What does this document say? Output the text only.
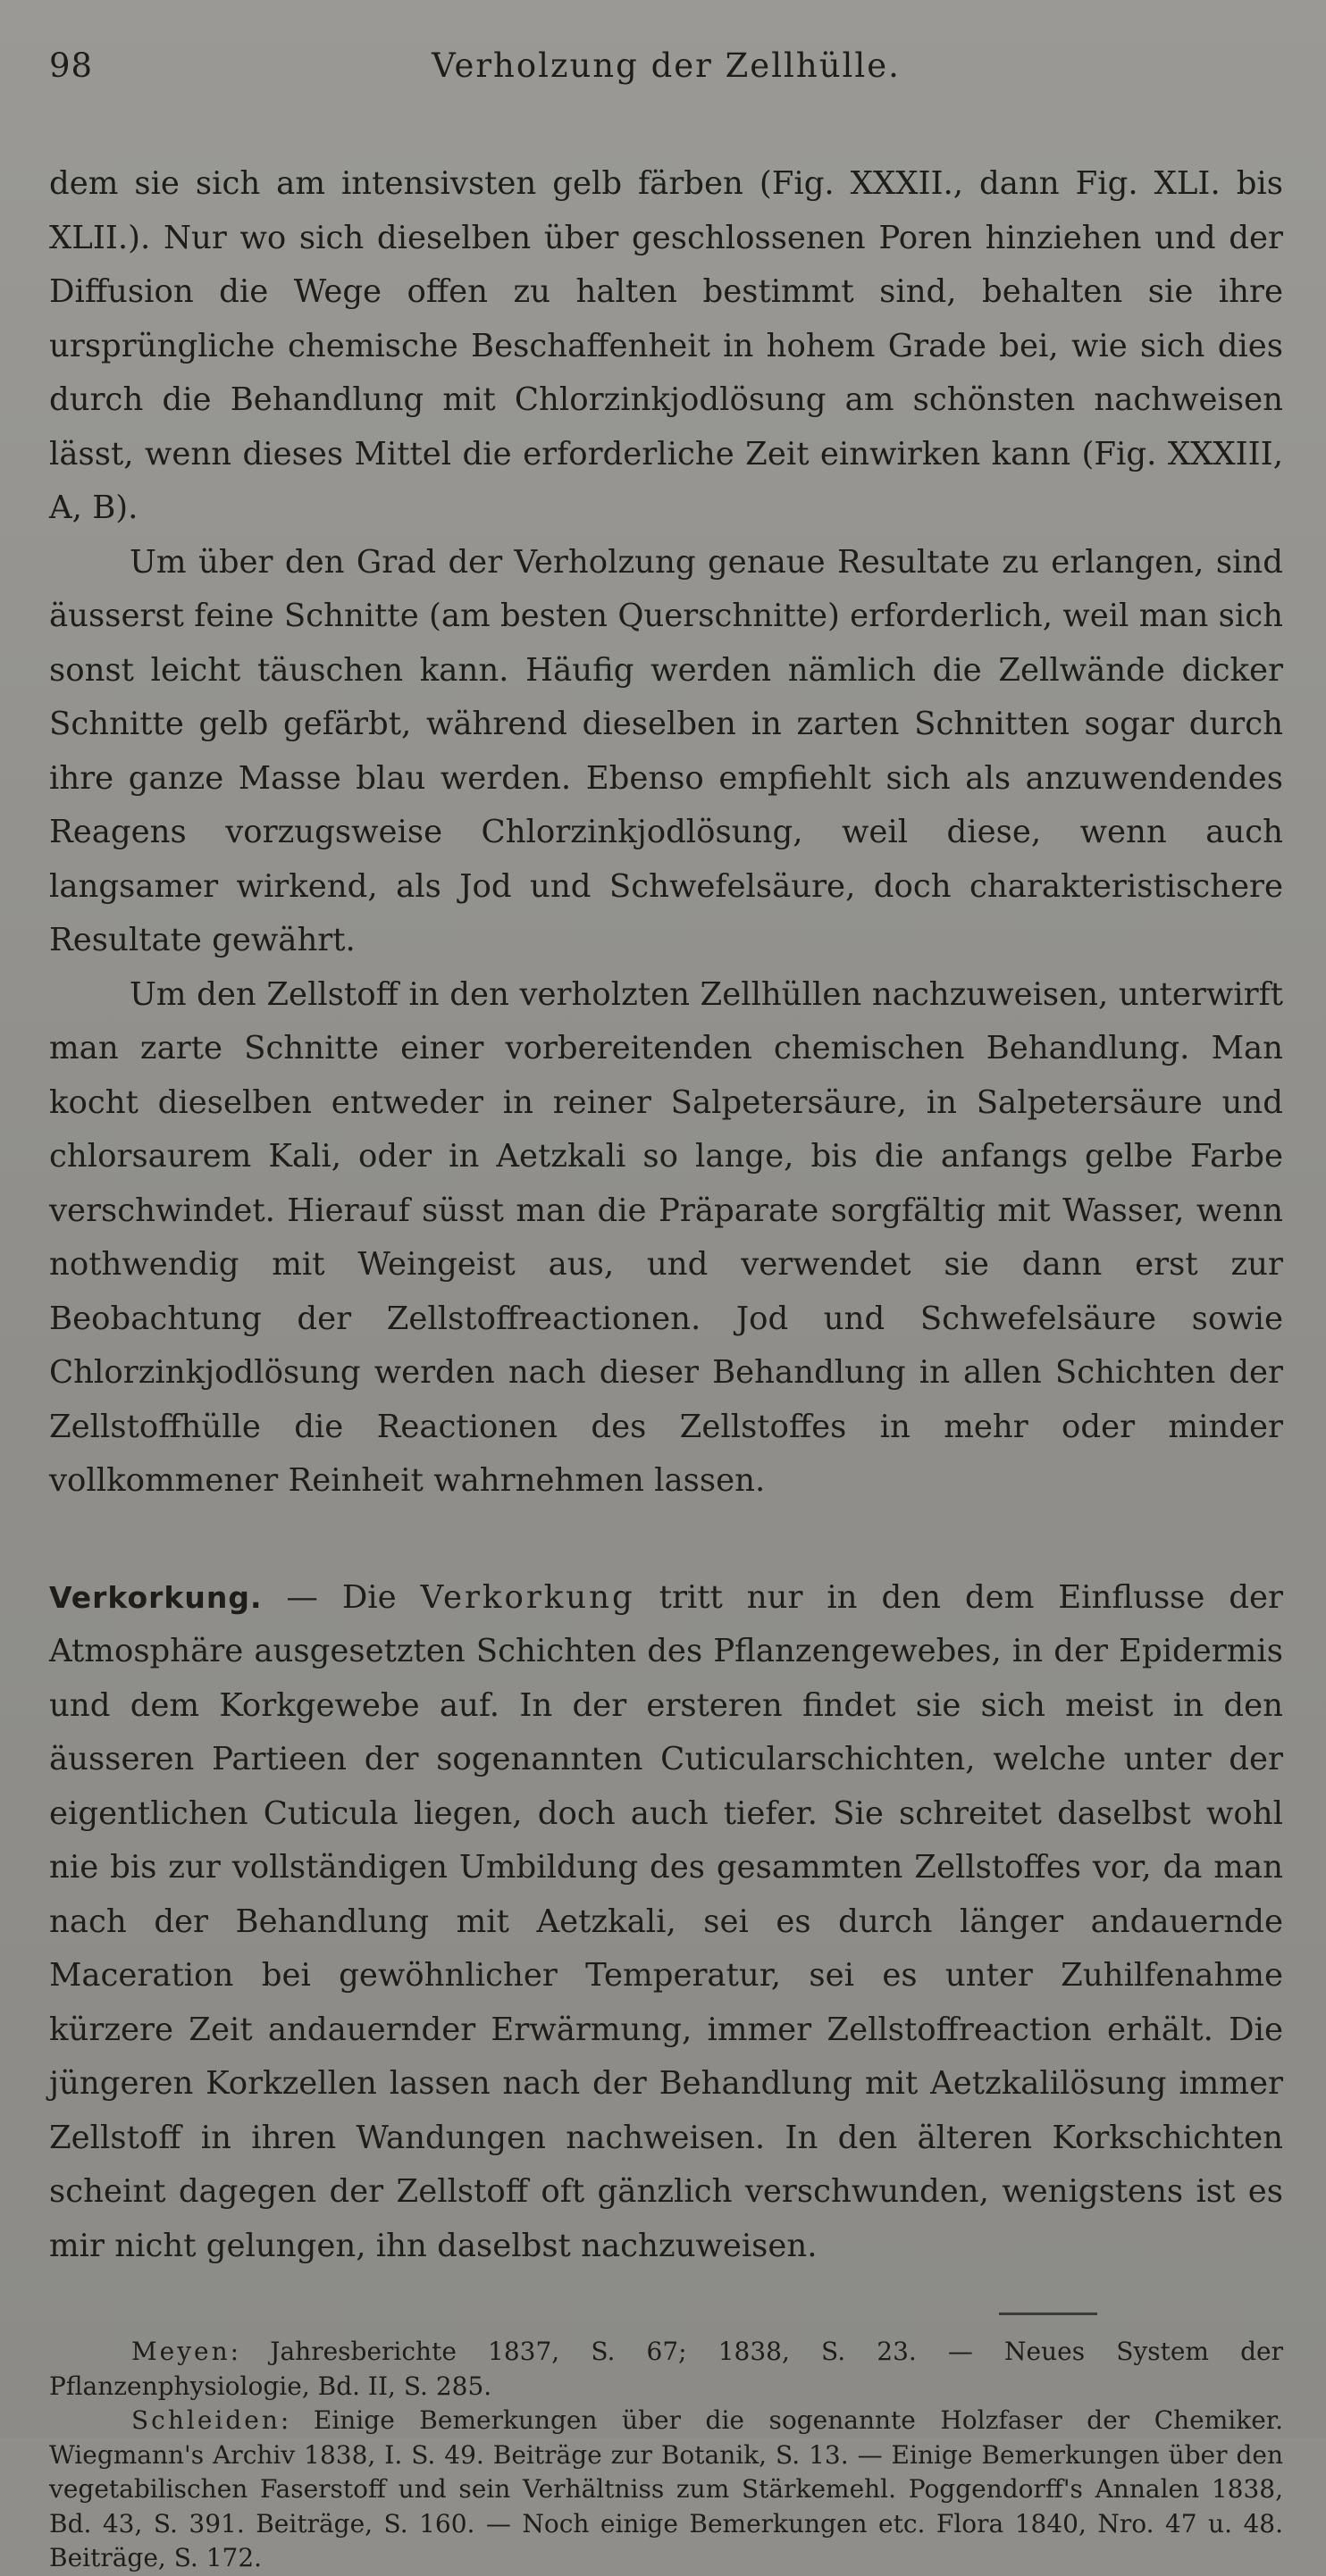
98	Verholzung der Zellhülle.

dem sie sich am intensivsten gelb färben (Fig. XXXII., dann Fig. XLI. bis XLII.). Nur wo sich dieselben über geschlossenen Poren hinziehen und der Diffusion die Wege offen zu halten bestimmt sind, behalten sie ihre ursprüngliche chemische Beschaffenheit in hohem Grade bei, wie sich dies durch die Behandlung mit Chlorzinkjodlösung am schönsten nachweisen lässt, wenn dieses Mittel die erforderliche Zeit einwirken kann (Fig. XXXIII, A, B).

Um über den Grad der Verholzung genaue Resultate zu erlangen, sind äusserst feine Schnitte (am besten Querschnitte) erforderlich, weil man sich sonst leicht täuschen kann. Häufig werden nämlich die Zellwände dicker Schnitte gelb gefärbt, während dieselben in zarten Schnitten sogar durch ihre ganze Masse blau werden. Ebenso empfiehlt sich als anzuwendendes Reagens vorzugsweise Chlorzinkjodlösung, weil diese, wenn auch langsamer wirkend, als Jod und Schwefelsäure, doch charakteristischere Resultate gewährt.

Um den Zellstoff in den verholzten Zellhüllen nachzuweisen, unterwirft man zarte Schnitte einer vorbereitenden chemischen Behandlung. Man kocht dieselben entweder in reiner Salpetersäure, in Salpetersäure und chlorsaurem Kali, oder in Aetzkali so lange, bis die anfangs gelbe Farbe verschwindet. Hierauf süsst man die Präparate sorgfältig mit Wasser, wenn nothwendig mit Weingeist aus, und verwendet sie dann erst zur Beobachtung der Zellstoffreactionen. Jod und Schwefelsäure sowie Chlorzinkjodlösung werden nach dieser Behandlung in allen Schichten der Zellstoffhülle die Reactionen des Zellstoffes in mehr oder minder vollkommener Reinheit wahrnehmen lassen.

Verkorkung. — Die Verkorkung tritt nur in den dem Einflusse der Atmosphäre ausgesetzten Schichten des Pflanzengewebes, in der Epidermis und dem Korkgewebe auf. In der ersteren findet sie sich meist in den äusseren Partieen der sogenannten Cuticularschichten, welche unter der eigentlichen Cuticula liegen, doch auch tiefer. Sie schreitet daselbst wohl nie bis zur vollständigen Umbildung des gesammten Zellstoffes vor, da man nach der Behandlung mit Aetzkali, sei es durch länger andauernde Maceration bei gewöhnlicher Temperatur, sei es unter Zuhilfenahme kürzere Zeit andauernder Erwärmung, immer Zellstoffreaction erhält. Die jüngeren Korkzellen lassen nach der Behandlung mit Aetzkalilösung immer Zellstoff in ihren Wandungen nachweisen. In den älteren Korkschichten scheint dagegen der Zellstoff oft gänzlich verschwunden, wenigstens ist es mir nicht gelungen, ihn daselbst nachzuweisen.

Meyen: Jahresberichte 1837, S. 67; 1838, S. 23. — Neues System der Pflanzenphysiologie, Bd. II, S. 285.

Schleiden: Einige Bemerkungen über die sogenannte Holzfaser der Chemiker. Wiegmann's Archiv 1838, I. S. 49. Beiträge zur Botanik, S. 13. — Einige Bemerkungen über den vegetabilischen Faserstoff und sein Verhältniss zum Stärkemehl. Poggendorff's Annalen 1838, Bd. 43, S. 391. Beiträge, S. 160. — Noch einige Bemerkungen etc. Flora 1840, Nro. 47 u. 48. Beiträge, S. 172.
